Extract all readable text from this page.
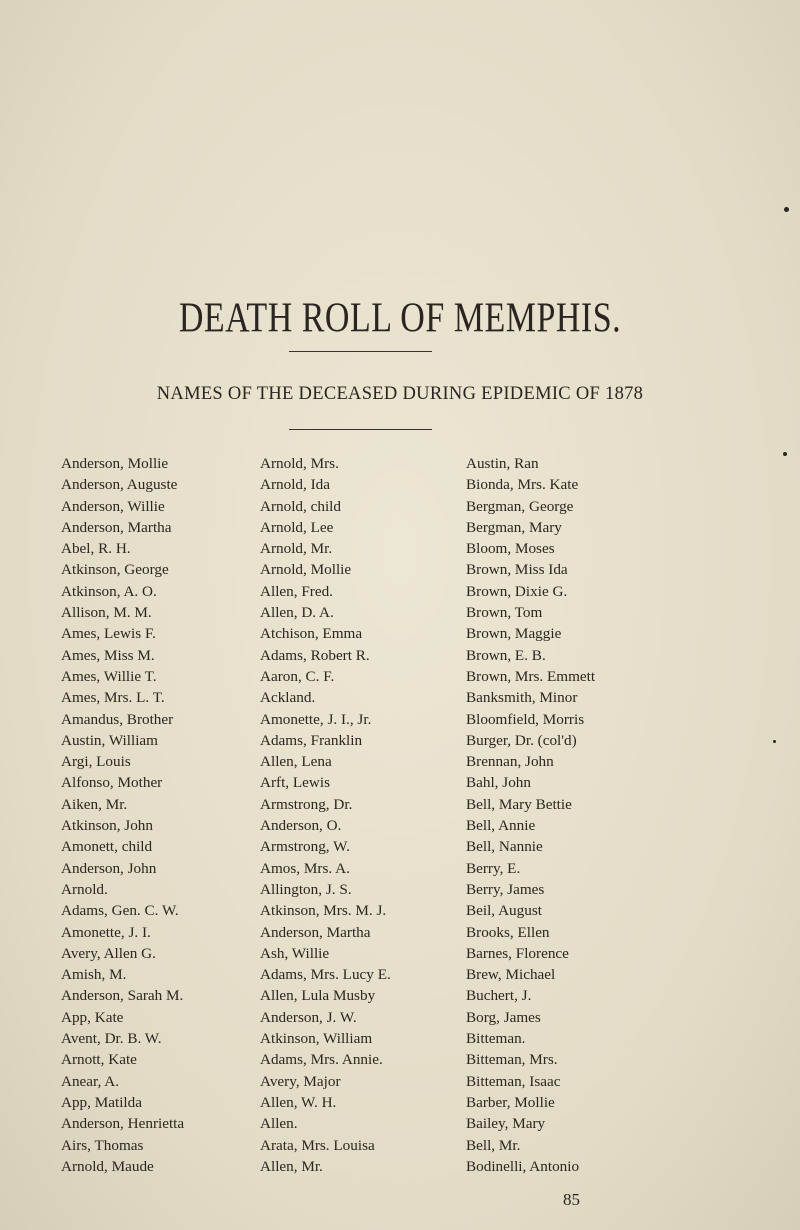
DEATH ROLL OF MEMPHIS.
NAMES OF THE DECEASED DURING EPIDEMIC OF 1878
Anderson, Mollie
Anderson, Auguste
Anderson, Willie
Anderson, Martha
Abel, R. H.
Atkinson, George
Atkinson, A. O.
Allison, M. M.
Ames, Lewis F.
Ames, Miss M.
Ames, Willie T.
Ames, Mrs. L. T.
Amandus, Brother
Austin, William
Argi, Louis
Alfonso, Mother
Aiken, Mr.
Atkinson, John
Amonett, child
Anderson, John
Arnold.
Adams, Gen. C. W.
Amonette, J. I.
Avery, Allen G.
Amish, M.
Anderson, Sarah M.
App, Kate
Avent, Dr. B. W.
Arnott, Kate
Anear, A.
App, Matilda
Anderson, Henrietta
Airs, Thomas
Arnold, Maude
Arnold, Mrs.
Arnold, Ida
Arnold, child
Arnold, Lee
Arnold, Mr.
Arnold, Mollie
Allen, Fred.
Allen, D. A.
Atchison, Emma
Adams, Robert R.
Aaron, C. F.
Ackland.
Amonette, J. I., Jr.
Adams, Franklin
Allen, Lena
Arft, Lewis
Armstrong, Dr.
Anderson, O.
Armstrong, W.
Amos, Mrs. A.
Allington, J. S.
Atkinson, Mrs. M. J.
Anderson, Martha
Ash, Willie
Adams, Mrs. Lucy E.
Allen, Lula Musby
Anderson, J. W.
Atkinson, William
Adams, Mrs. Annie.
Avery, Major
Allen, W. H.
Allen.
Arata, Mrs. Louisa
Allen, Mr.
Austin, Ran
Bionda, Mrs. Kate
Bergman, George
Bergman, Mary
Bloom, Moses
Brown, Miss Ida
Brown, Dixie G.
Brown, Tom
Brown, Maggie
Brown, E. B.
Brown, Mrs. Emmett
Banksmith, Minor
Bloomfield, Morris
Burger, Dr. (col'd)
Brennan, John
Bahl, John
Bell, Mary Bettie
Bell, Annie
Bell, Nannie
Berry, E.
Berry, James
Beil, August
Brooks, Ellen
Barnes, Florence
Brew, Michael
Buchert, J.
Borg, James
Bitteman.
Bitteman, Mrs.
Bitteman, Isaac
Barber, Mollie
Bailey, Mary
Bell, Mr.
Bodinelli, Antonio
85
